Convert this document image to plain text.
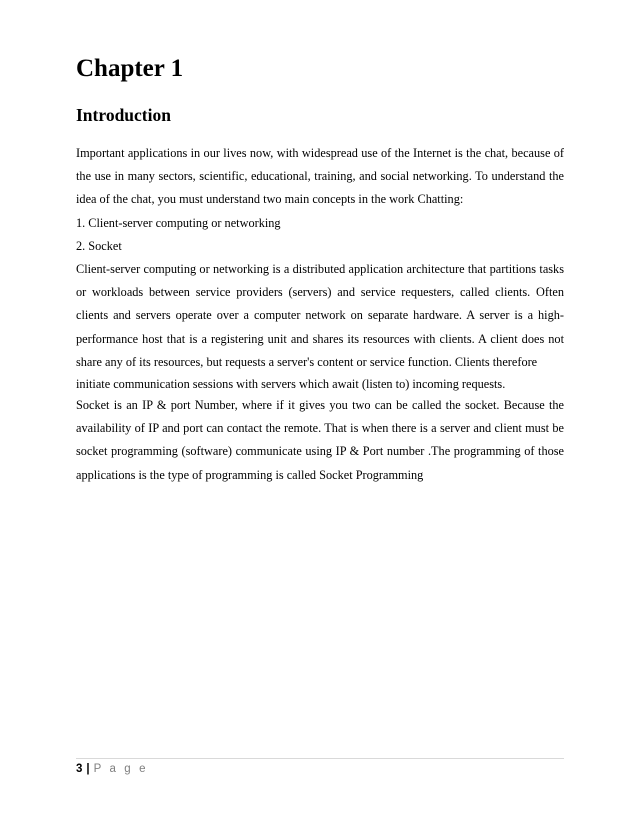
Chapter 1
Introduction

Important applications in our lives now, with widespread use of the Internet is the chat, because of the use in many sectors, scientific, educational, training, and social networking. To understand the idea of the chat, you must understand two main concepts in the work Chatting:

1. Client-server computing or networking

2. Socket

Client-server computing or networking is a distributed application architecture that partitions tasks or workloads between service providers (servers) and service requesters, called clients. Often clients and servers operate over a computer network on separate hardware. A server is a high-performance host that is a registering unit and shares its resources with clients. A client does not share any of its resources, but requests a server's content or service function. Clients therefore

initiate communication sessions with servers which await (listen to) incoming requests.

Socket is an IP & port Number, where if it gives you two can be called the socket. Because the availability of IP and port can contact the remote. That is when there is a server and client must be socket programming (software) communicate using IP & Port number .The programming of those applications is the type of programming is called Socket Programming

3 | P a g e
